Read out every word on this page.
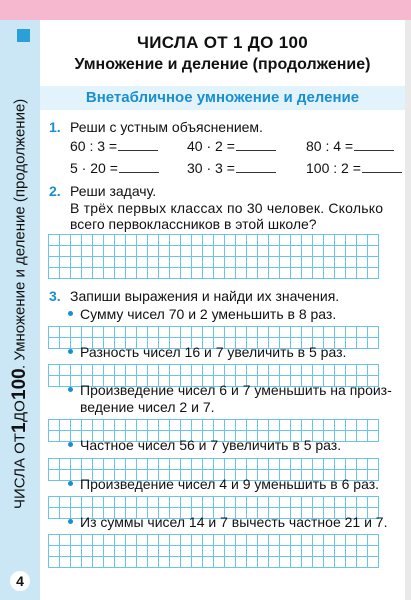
ЧИСЛА ОТ
1
ДО
100
. Умножение и деление (продолжение)
4
ЧИСЛА ОТ 1 ДО 100
Умножение и деление (продолжение)
Внетабличное умножение и деление
1. Реши с устным объяснением.
60 : 3 =	40 · 2 =	80 : 4 =
5 · 20 =	30 · 3 =	100 : 2 =
2. Реши задачу.
В трёх первых классах по 30 человек. Сколько
всего первоклассников в этой школе?
3. Запиши выражения и найди их значения.
Сумму чисел 70 и 2 уменьшить в 8 раз.
Разность чисел 16 и 7 увеличить в 5 раз.
Произведение чисел 6 и 7 уменьшить на произ-
ведение чисел 2 и 7.
Частное чисел 56 и 7 увеличить в 5 раз.
Произведение чисел 4 и 9 уменьшить в 6 раз.
Из суммы чисел 14 и 7 вычесть частное 21 и 7.
